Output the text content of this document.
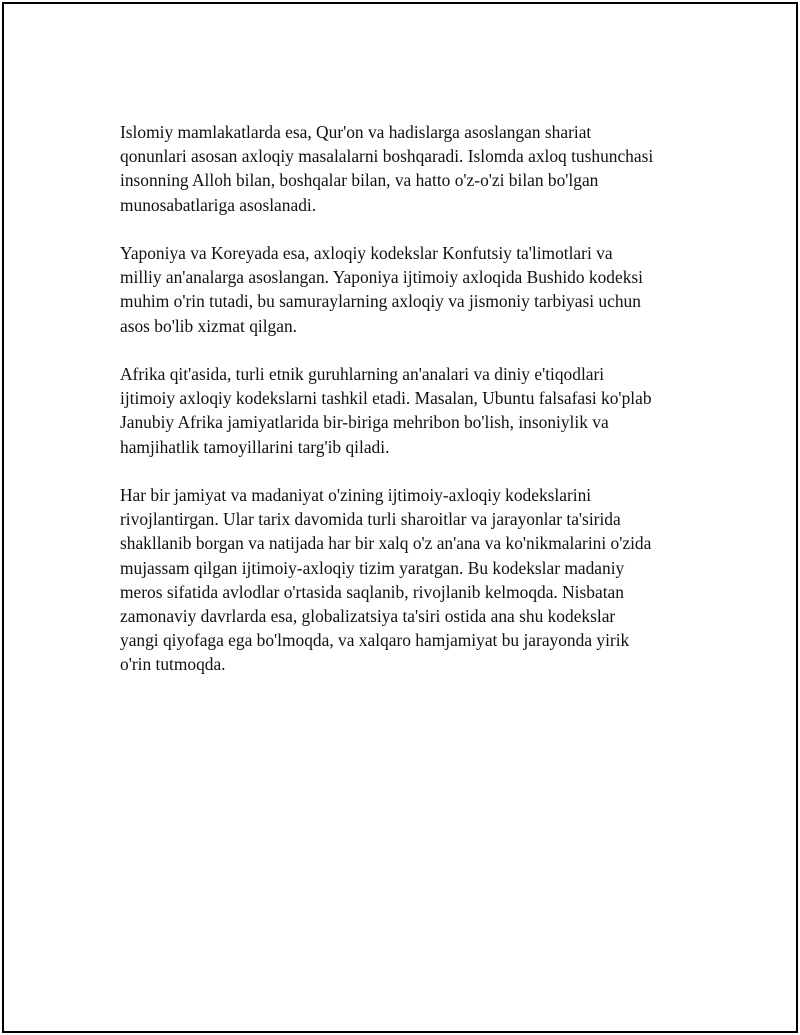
Islomiy mamlakatlarda esa, Qur'on va hadislarga asoslangan shariat
qonunlari asosan axloqiy masalalarni boshqaradi. Islomda axloq tushunchasi
insonning Alloh bilan, boshqalar bilan, va hatto o'z-o'zi bilan bo'lgan
munosabatlariga asoslanadi.

Yaponiya va Koreyada esa, axloqiy kodekslar Konfutsiy ta'limotlari va
milliy an'analarga asoslangan. Yaponiya ijtimoiy axloqida Bushido kodeksi
muhim o'rin tutadi, bu samuraylarning axloqiy va jismoniy tarbiyasi uchun
asos bo'lib xizmat qilgan.

Afrika qit'asida, turli etnik guruhlarning an'analari va diniy e'tiqodlari
ijtimoiy axloqiy kodekslarni tashkil etadi. Masalan, Ubuntu falsafasi ko'plab
Janubiy Afrika jamiyatlarida bir-biriga mehribon bo'lish, insoniylik va
hamjihatlik tamoyillarini targ'ib qiladi.

Har bir jamiyat va madaniyat o'zining ijtimoiy-axloqiy kodekslarini
rivojlantirgan. Ular tarix davomida turli sharoitlar va jarayonlar ta'sirida
shakllanib borgan va natijada har bir xalq o'z an'ana va ko'nikmalarini o'zida
mujassam qilgan ijtimoiy-axloqiy tizim yaratgan. Bu kodekslar madaniy
meros sifatida avlodlar o'rtasida saqlanib, rivojlanib kelmoqda. Nisbatan
zamonaviy davrlarda esa, globalizatsiya ta'siri ostida ana shu kodekslar
yangi qiyofaga ega bo'lmoqda, va xalqaro hamjamiyat bu jarayonda yirik
o'rin tutmoqda.
